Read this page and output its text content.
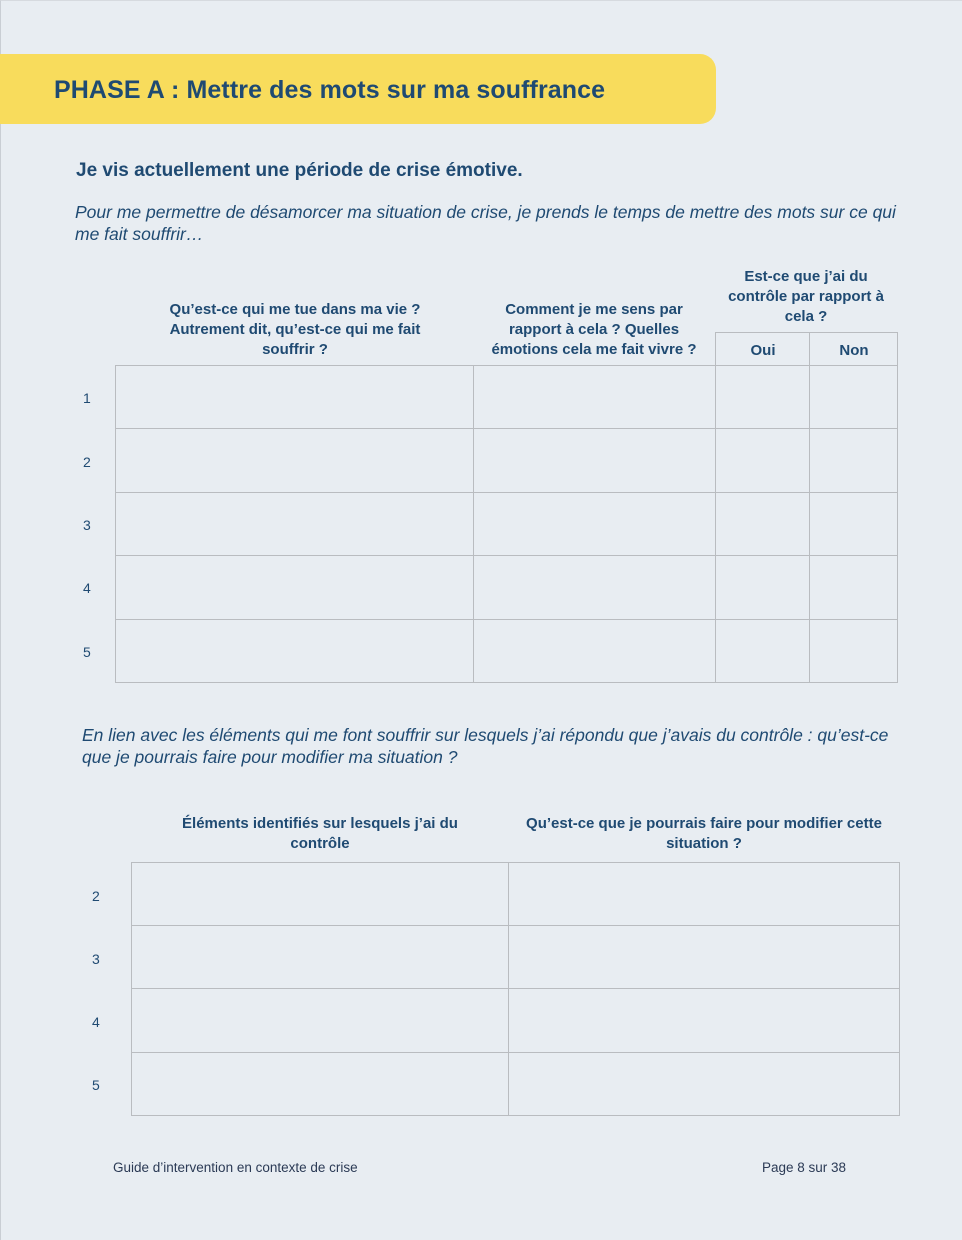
PHASE A : Mettre des mots sur ma souffrance
Je vis actuellement une période de crise émotive.
Pour me permettre de désamorcer ma situation de crise, je prends le temps de mettre des mots sur ce qui me fait souffrir…
Qu’est-ce qui me tue dans ma vie ? Autrement dit, qu’est-ce qui me fait souffrir ?
Comment je me sens par rapport à cela ? Quelles émotions cela me fait vivre ?
Est-ce que j’ai du contrôle par rapport à cela ?
Oui	Non
1
2
3
4
5
En lien avec les éléments qui me font souffrir sur lesquels j’ai répondu que j’avais du contrôle : qu’est-ce que je pourrais faire pour modifier ma situation ?
Éléments identifiés sur lesquels j’ai du contrôle
Qu’est-ce que je pourrais faire pour modifier cette situation ?
2
3
4
5
Guide d’intervention en contexte de crise	Page 8 sur 38
